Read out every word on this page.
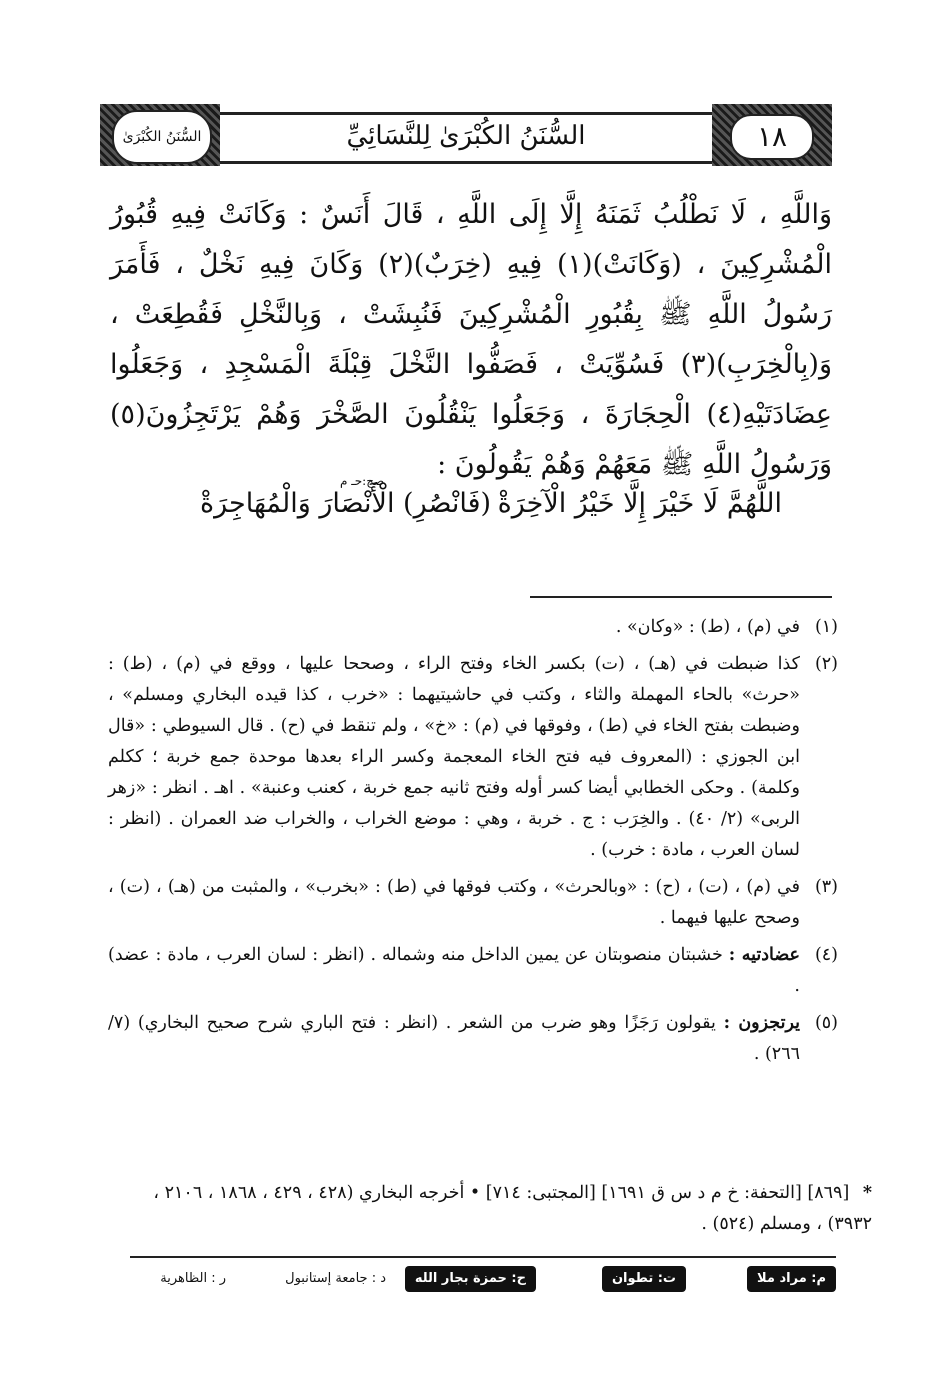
السُّنَنُ الكُبْرَىٰ لِلنَّسَائِيِّ	١٨
السُّنَنُ الكُبْرَىٰ

وَاللَّهِ ، لَا نَطْلُبُ ثَمَنَهُ إِلَّا إِلَى اللَّهِ ، قَالَ أَنَسٌ : وَكَانَتْ فِيهِ قُبُورُ الْمُشْرِكِينَ ، (وَكَانَتْ)(١) فِيهِ (خِرَبٌ)(٢) وَكَانَ فِيهِ نَخْلٌ ، فَأَمَرَ رَسُولُ اللَّهِ ﷺ بِقُبُورِ الْمُشْرِكِينَ فَنُبِشَتْ ، وَبِالنَّخْلِ فَقُطِعَتْ ، وَ(بِالْخِرَبِ)(٣) فَسُوِّيَتْ ، فَصَفُّوا النَّخْلَ قِبْلَةَ الْمَسْجِدِ ، وَجَعَلُوا عِضَادَتَيْهِ(٤) الْحِجَارَةَ ، وَجَعَلُوا يَنْقُلُونَ الصَّخْرَ وَهُمْ يَرْتَجِزُونَ(٥) وَرَسُولُ اللَّهِ ﷺ مَعَهُمْ وَهُمْ يَقُولُونَ :

اللَّهُمَّ لَا خَيْرَ إِلَّا خَيْرُ الْآخِرَةْ
(فَانْصُرِ) الْأَنْصَارَ وَالْمُهَاجِرَةْ
صح:حـ م

(١)
في (م) ، (ط) : «وكان» .

(٢)
كذا ضبطت في (هـ) ، (ت) بكسر الخاء وفتح الراء ، وصححا عليها ، ووقع في (م) ، (ط) : «حرث» بالحاء المهملة والثاء ، وكتب في حاشيتيهما : «خرب ، كذا قيده البخاري ومسلم» ، وضبطت بفتح الخاء في (ط) ، وفوقها في (م) : «خ» ، ولم تنقط في (ح) . قال السيوطي : «قال ابن الجوزي : (المعروف فيه فتح الخاء المعجمة وكسر الراء بعدها موحدة جمع خربة ؛ ككلم وكلمة) . وحكى الخطابي أيضا كسر أوله وفتح ثانيه جمع خربة ، كعنب وعنبة» . اهـ . انظر : «زهر الربى» (٢/ ٤٠) . والخِرَب : ج . خربة ، وهي : موضع الخراب ، والخراب ضد العمران . (انظر : لسان العرب ، مادة : خرب) .

(٣)
في (م) ، (ت) ، (ح) : «وبالحرث» ، وكتب فوقها في (ط) : «بخرب» ، والمثبت من (هـ) ، (ت) ، وصحح عليها فيهما .

(٤)
عضادتيه : خشبتان منصوبتان عن يمين الداخل منه وشماله . (انظر : لسان العرب ، مادة : عضد) .

(٥)
يرتجزون : يقولون رَجَزًا وهو ضرب من الشعر . (انظر : فتح الباري شرح صحيح البخاري) (٧/ ٢٦٦) .

* [٨٦٩] [التحفة: خ م د س ق ١٦٩١] [المجتبى: ٧١٤] • أخرجه البخاري (٤٢٨ ، ٤٢٩ ، ١٨٦٨ ، ٢١٠٦ ، ٣٩٣٢) ، ومسلم (٥٢٤) .
م: مراد ملا
ت: تطوان
ح: حمزة بجار الله
د : جامعة إستانبول
ر : الظاهرية
